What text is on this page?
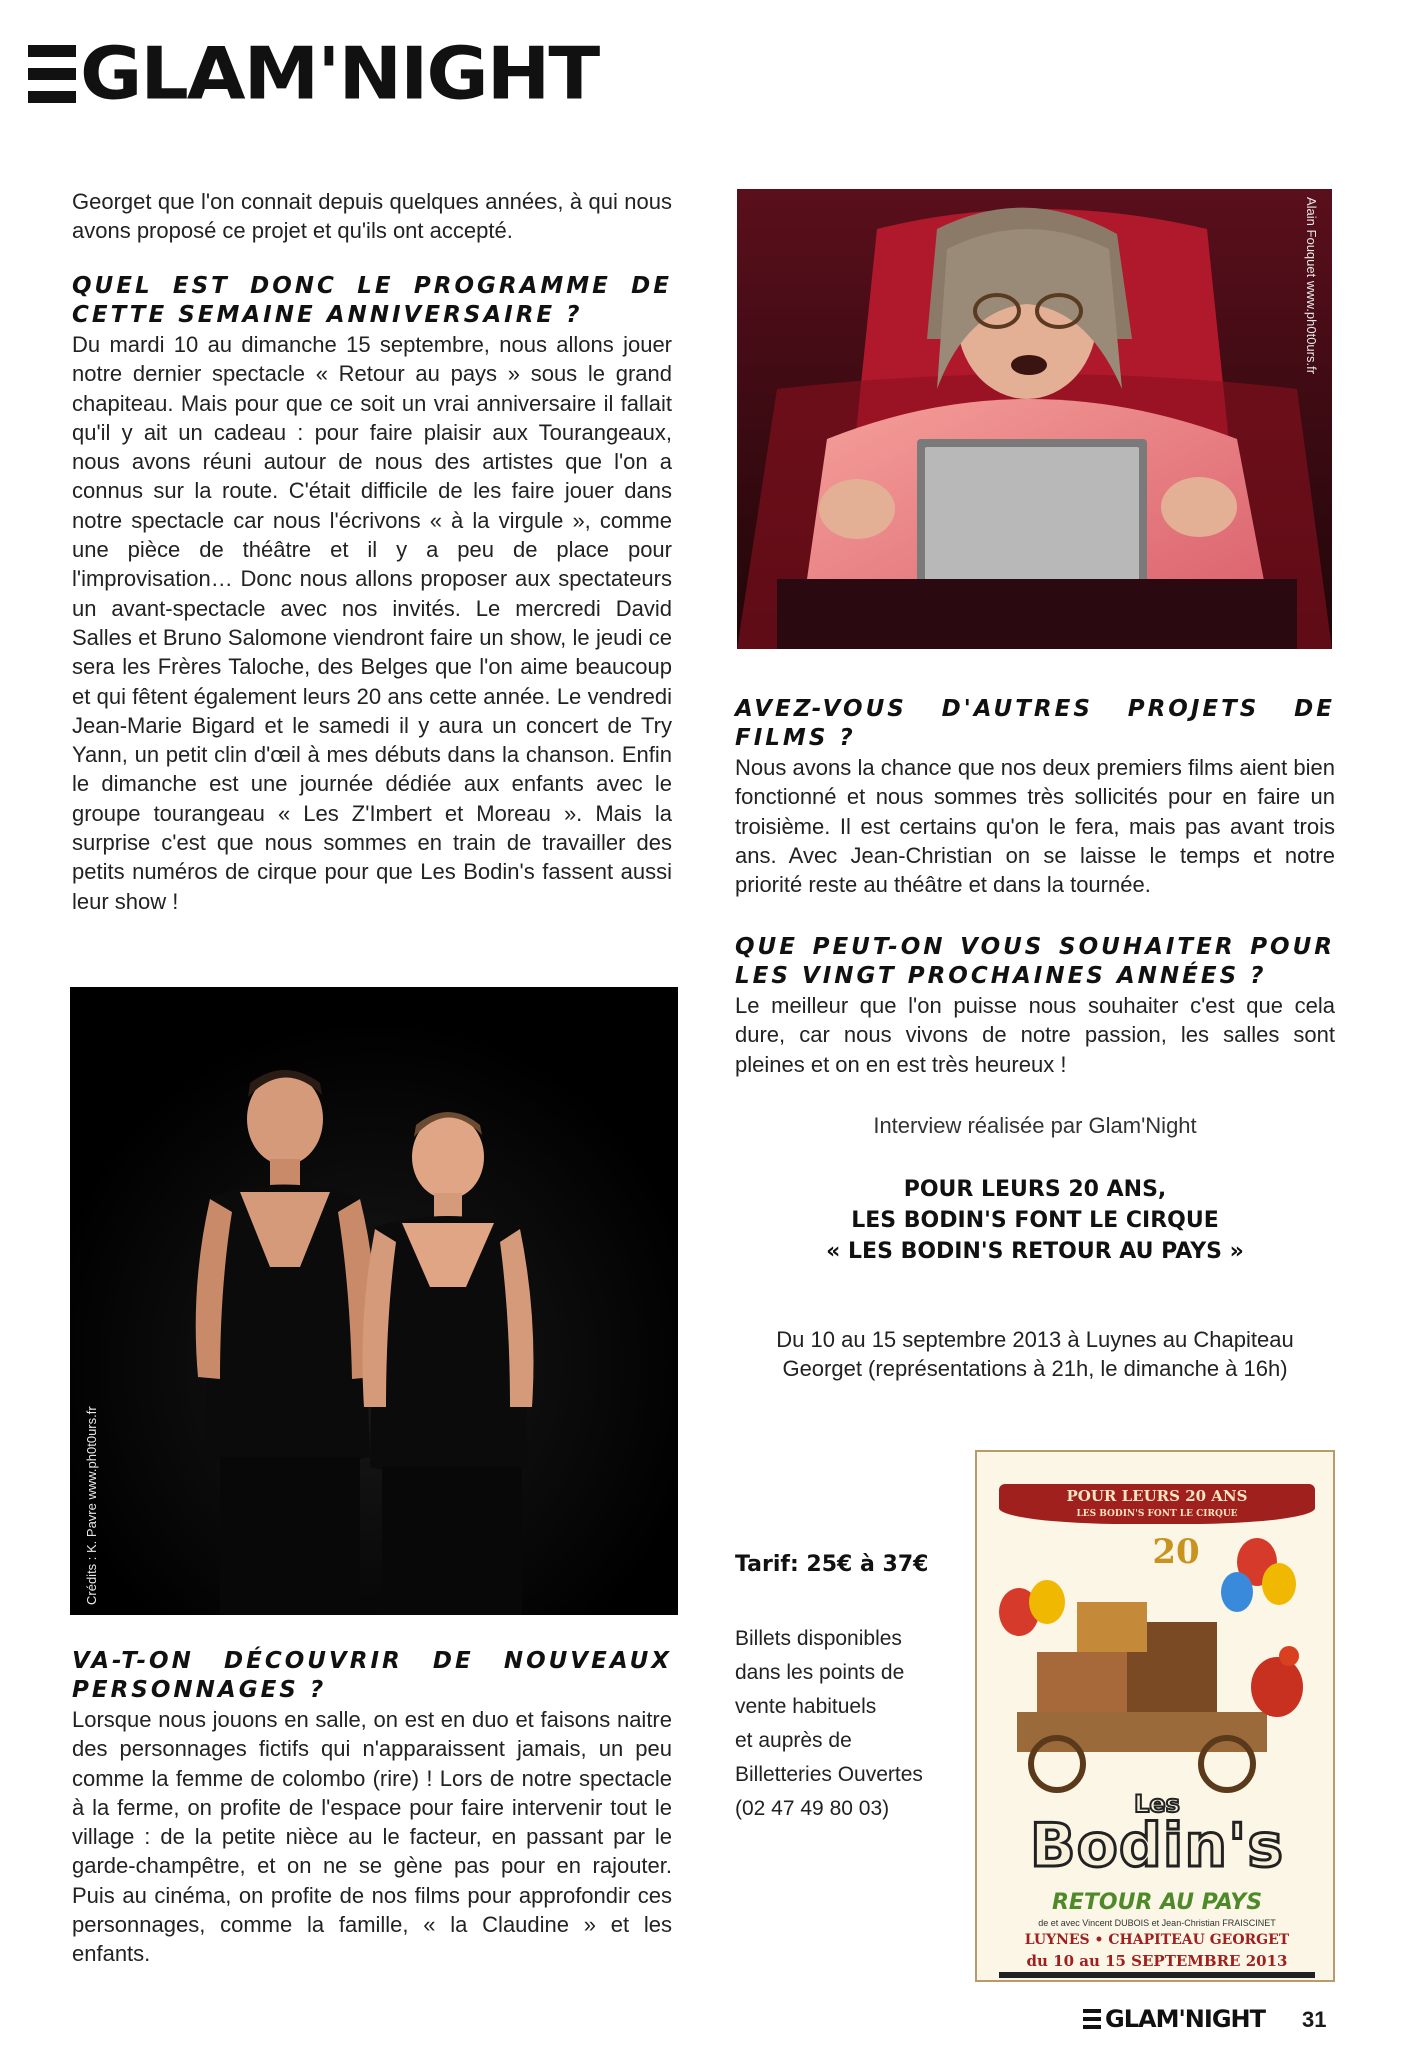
GLAM'NIGHT

Georget que l'on connait depuis quelques années, à qui nous avons proposé ce projet et qu'ils ont accepté.

QUEL EST DONC LE PROGRAMME DE CETTE SEMAINE ANNIVERSAIRE ?

Du mardi 10 au dimanche 15 septembre, nous allons jouer notre dernier spectacle « Retour au pays » sous le grand chapiteau. Mais pour que ce soit un vrai anniversaire il fallait qu'il y ait un cadeau : pour faire plaisir aux Tourangeaux, nous avons réuni autour de nous des artistes que l'on a connus sur la route. C'était difficile de les faire jouer dans notre spectacle car nous l'écrivons « à la virgule », comme une pièce de théâtre et il y a peu de place pour l'improvisation… Donc nous allons proposer aux spectateurs un avant-spectacle avec nos invités. Le mercredi David Salles et Bruno Salomone viendront faire un show, le jeudi ce sera les Frères Taloche, des Belges que l'on aime beaucoup et qui fêtent également leurs 20 ans cette année. Le vendredi Jean-Marie Bigard et le samedi il y aura un concert de Try Yann, un petit clin d'œil à mes débuts dans la chanson. Enfin le dimanche est une journée dédiée aux enfants avec le groupe tourangeau « Les Z'Imbert et Moreau ». Mais la surprise c'est que nous sommes en train de travailler des petits numéros de cirque pour que Les Bodin's fassent aussi leur show !

Crédits : K. Pavre www.ph0t0urs.fr
VA-T-ON DÉCOUVRIR DE NOUVEAUX PERSONNAGES ?

Lorsque nous jouons en salle, on est en duo et faisons naitre des personnages fictifs qui n'apparaissent jamais, un peu comme la femme de colombo (rire) ! Lors de notre spectacle à la ferme, on profite de l'espace pour faire intervenir tout le village : de la petite nièce au le facteur, en passant par le garde-champêtre, et on ne se gène pas pour en rajouter. Puis au cinéma, on profite de nos films pour approfondir ces personnages, comme la famille, « la Claudine » et les enfants.

Alain Fouquet www.ph0t0urs.fr
AVEZ-VOUS D'AUTRES PROJETS DE FILMS ?

Nous avons la chance que nos deux premiers films aient bien fonctionné et nous sommes très sollicités pour en faire un troisième. Il est certains qu'on le fera, mais pas avant trois ans. Avec Jean-Christian on se laisse le temps et notre priorité reste au théâtre et dans la tournée.

QUE PEUT-ON VOUS SOUHAITER POUR LES VINGT PROCHAINES ANNÉES ?

Le meilleur que l'on puisse nous souhaiter c'est que cela dure, car nous vivons de notre passion, les salles sont pleines et on en est très heureux !

Interview réalisée par Glam'Night
POUR LEURS 20 ANS,
LES BODIN'S FONT LE CIRQUE
« LES BODIN'S RETOUR AU PAYS »
Du 10 au 15 septembre 2013 à Luynes au Chapiteau Georget (représentations à 21h, le dimanche à 16h)
Tarif: 25€ à 37€
Billets disponibles
dans les points de
vente habituels
et auprès de
Billetteries Ouvertes
(02 47 49 80 03)
POUR LEURS 20 ANS
LES BODIN'S FONT LE CIRQUE
20
Les
Bodin's
RETOUR AU PAYS
de et avec Vincent DUBOIS et Jean-Christian FRAISCINET
LUYNES • CHAPITEAU GEORGET
du 10 au 15 SEPTEMBRE 2013
GLAM'NIGHT 31
